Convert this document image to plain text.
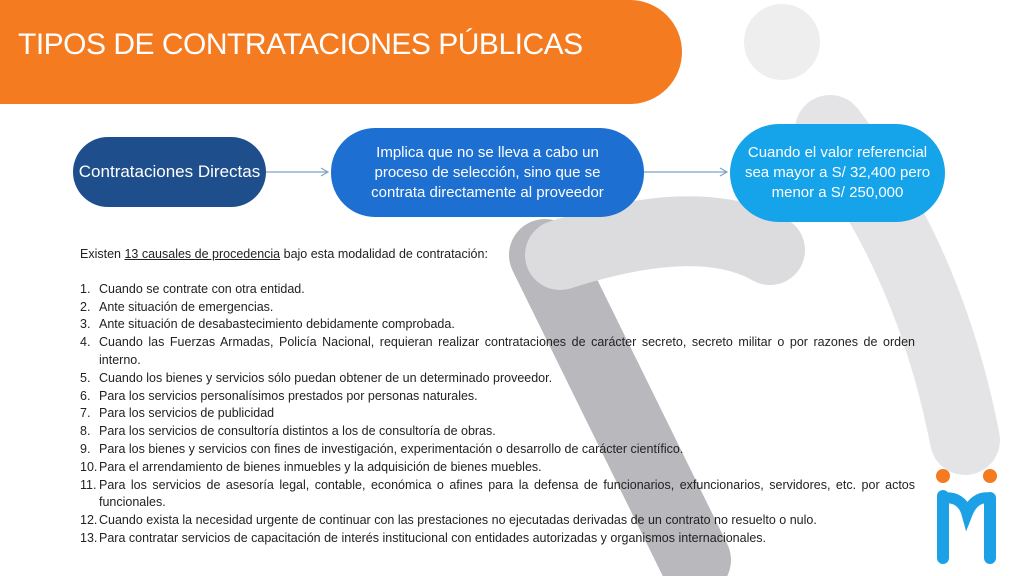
TIPOS DE CONTRATACIONES PÚBLICAS
Contrataciones Directas
Implica que no se lleva a cabo un proceso de selección, sino que se contrata directamente al proveedor
Cuando el valor referencial sea mayor a S/ 32,400 pero menor a S/ 250,000

Existen 13 causales de procedencia bajo esta modalidad de contratación:

1. Cuando se contrate con otra entidad.
2. Ante situación de emergencias.
3. Ante situación de desabastecimiento debidamente comprobada.
4. Cuando las Fuerzas Armadas, Policía Nacional, requieran realizar contrataciones de carácter secreto, secreto militar o por razones de orden interno.
5. Cuando los bienes y servicios sólo puedan obtener de un determinado proveedor.
6. Para los servicios personalísimos prestados por personas naturales.
7. Para los servicios de publicidad
8. Para los servicios de consultoría distintos a los de consultoría de obras.
9. Para los bienes y servicios con fines de investigación, experimentación o desarrollo de carácter científico.
10. Para el arrendamiento de bienes inmuebles y la adquisición de bienes muebles.
11. Para los servicios de asesoría legal, contable, económica o afines para la defensa de funcionarios, exfuncionarios, servidores, etc. por actos funcionales.
12. Cuando exista la necesidad urgente de continuar con las prestaciones no ejecutadas derivadas de un contrato no resuelto o nulo.
13. Para contratar servicios de capacitación de interés institucional con entidades autorizadas y organismos internacionales.
